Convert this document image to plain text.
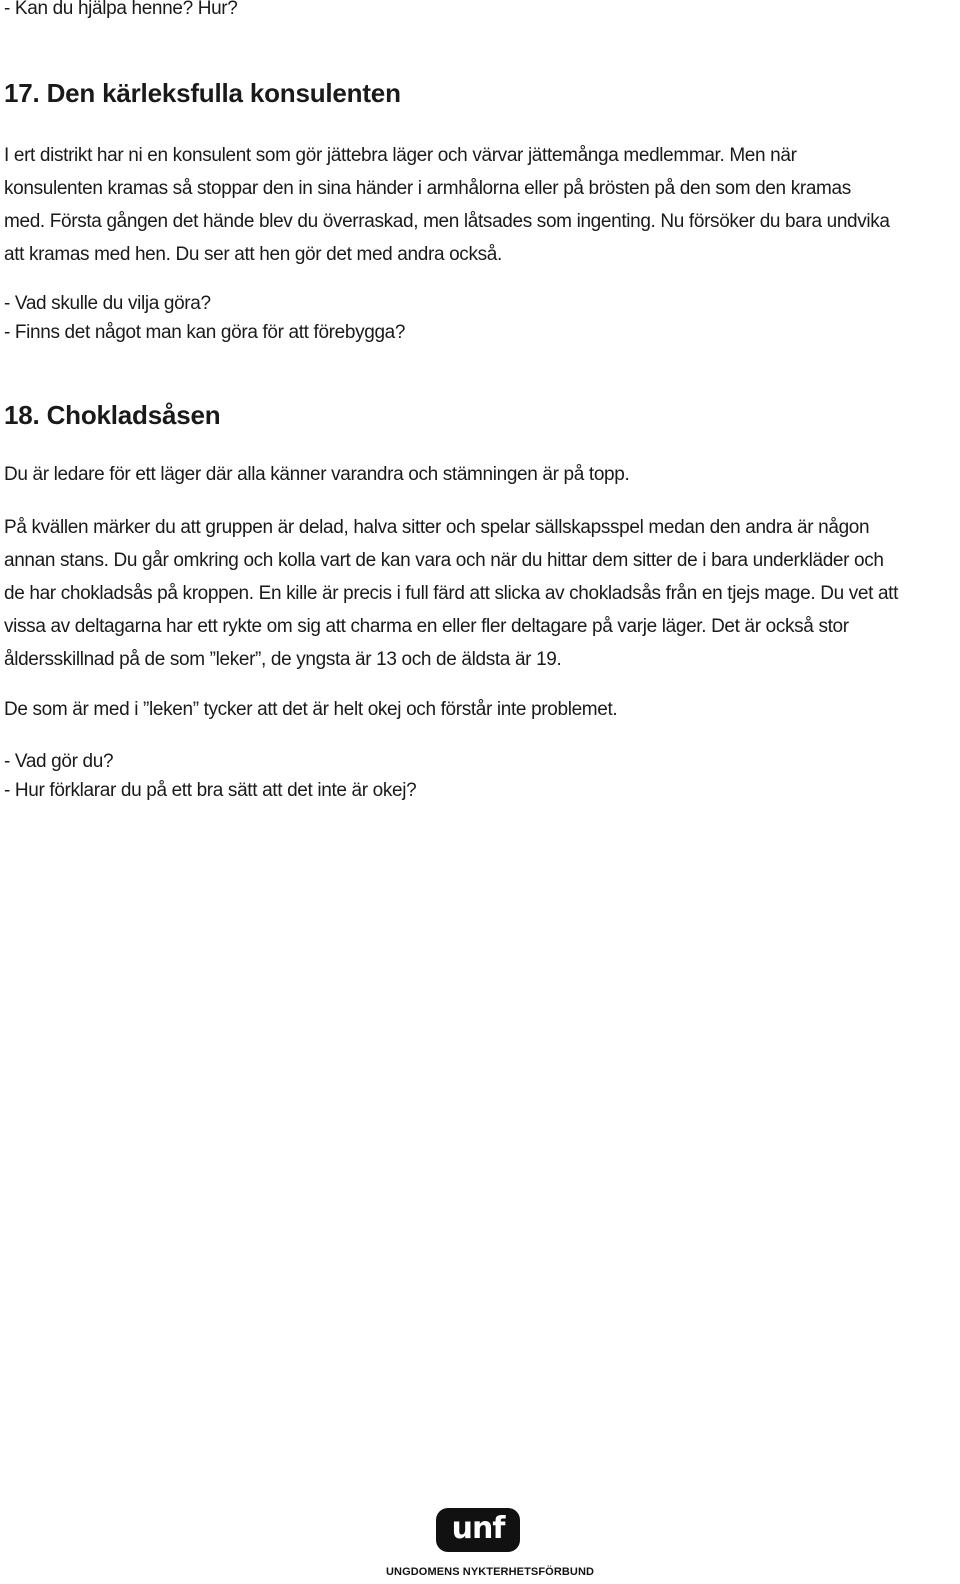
- Kan du hjälpa henne? Hur?
17. Den kärleksfulla konsulenten
I ert distrikt har ni en konsulent som gör jättebra läger och värvar jättemånga medlemmar. Men när
konsulenten kramas så stoppar den in sina händer i armhålorna eller på brösten på den som den kramas
med. Första gången det hände blev du överraskad, men låtsades som ingenting. Nu försöker du bara undvika
att kramas med hen. Du ser att hen gör det med andra också.
- Vad skulle du vilja göra?
- Finns det något man kan göra för att förebygga?
18. Chokladsåsen
Du är ledare för ett läger där alla känner varandra och stämningen är på topp.
På kvällen märker du att gruppen är delad, halva sitter och spelar sällskapsspel medan den andra är någon
annan stans. Du går omkring och kolla vart de kan vara och när du hittar dem sitter de i bara underkläder och
de har chokladsås på kroppen. En kille är precis i full färd att slicka av chokladsås från en tjejs mage. Du vet att
vissa av deltagarna har ett rykte om sig att charma en eller fler deltagare på varje läger. Det är också stor
åldersskillnad på de som ”leker”, de yngsta är 13 och de äldsta är 19.
De som är med i ”leken” tycker att det är helt okej och förstår inte problemet.
- Vad gör du?
- Hur förklarar du på ett bra sätt att det inte är okej?
unf
UNGDOMENS NYKTERHETSFÖRBUND
